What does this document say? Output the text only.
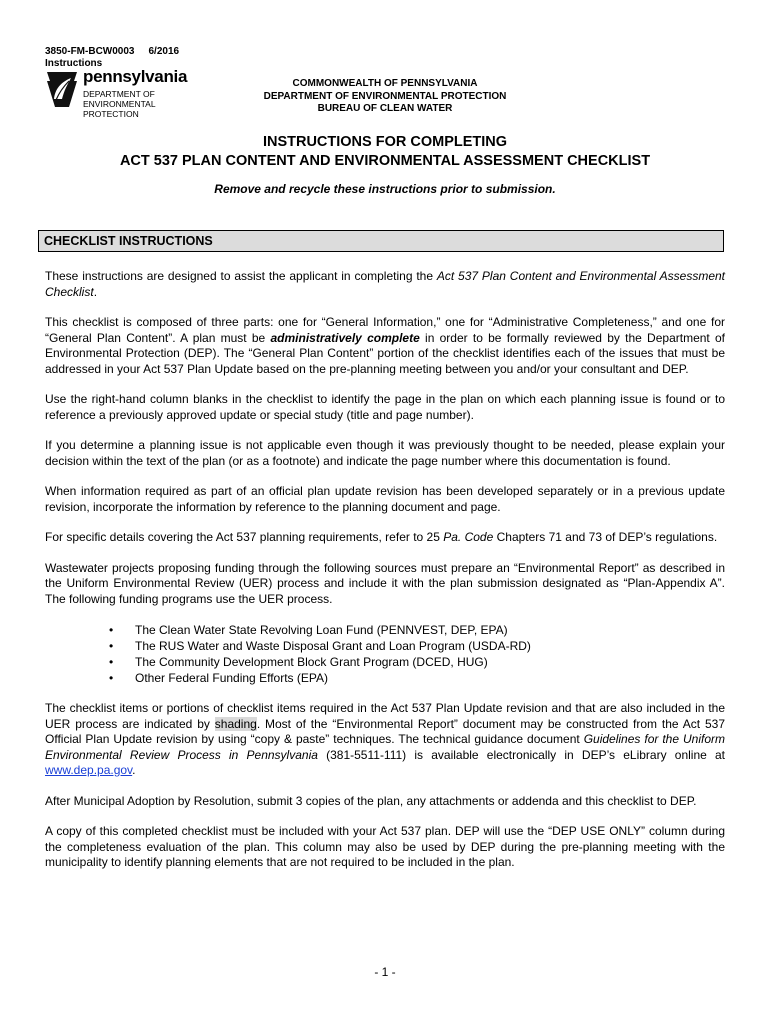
3850-FM-BCW0003 6/2016
Instructions
pennsylvania
DEPARTMENT OF ENVIRONMENTAL
PROTECTION
COMMONWEALTH OF PENNSYLVANIA
DEPARTMENT OF ENVIRONMENTAL PROTECTION
BUREAU OF CLEAN WATER
INSTRUCTIONS FOR COMPLETING
ACT 537 PLAN CONTENT AND ENVIRONMENTAL ASSESSMENT CHECKLIST
Remove and recycle these instructions prior to submission.
CHECKLIST INSTRUCTIONS

These instructions are designed to assist the applicant in completing the Act 537 Plan Content and Environmental Assessment Checklist.

This checklist is composed of three parts: one for “General Information,” one for “Administrative Completeness,” and one for “General Plan Content”. A plan must be administratively complete in order to be formally reviewed by the Department of Environmental Protection (DEP). The “General Plan Content” portion of the checklist identifies each of the issues that must be addressed in your Act 537 Plan Update based on the pre-planning meeting between you and/or your consultant and DEP.

Use the right-hand column blanks in the checklist to identify the page in the plan on which each planning issue is found or to reference a previously approved update or special study (title and page number).

If you determine a planning issue is not applicable even though it was previously thought to be needed, please explain your decision within the text of the plan (or as a footnote) and indicate the page number where this documentation is found.

When information required as part of an official plan update revision has been developed separately or in a previous update revision, incorporate the information by reference to the planning document and page.

For specific details covering the Act 537 planning requirements, refer to 25 Pa. Code Chapters 71 and 73 of DEP’s regulations.

Wastewater projects proposing funding through the following sources must prepare an “Environmental Report” as described in the Uniform Environmental Review (UER) process and include it with the plan submission designated as “Plan-Appendix A”. The following funding programs use the UER process.

• The Clean Water State Revolving Loan Fund (PENNVEST, DEP, EPA)
• The RUS Water and Waste Disposal Grant and Loan Program (USDA-RD)
• The Community Development Block Grant Program (DCED, HUG)
• Other Federal Funding Efforts (EPA)

The checklist items or portions of checklist items required in the Act 537 Plan Update revision and that are also included in the UER process are indicated by shading. Most of the “Environmental Report” document may be constructed from the Act 537 Official Plan Update revision by using “copy & paste” techniques. The technical guidance document Guidelines for the Uniform Environmental Review Process in Pennsylvania (381-5511-111) is available electronically in DEP’s eLibrary online at www.dep.pa.gov.

After Municipal Adoption by Resolution, submit 3 copies of the plan, any attachments or addenda and this checklist to DEP.

A copy of this completed checklist must be included with your Act 537 plan. DEP will use the “DEP USE ONLY” column during the completeness evaluation of the plan. This column may also be used by DEP during the pre-planning meeting with the municipality to identify planning elements that are not required to be included in the plan.

- 1 -
